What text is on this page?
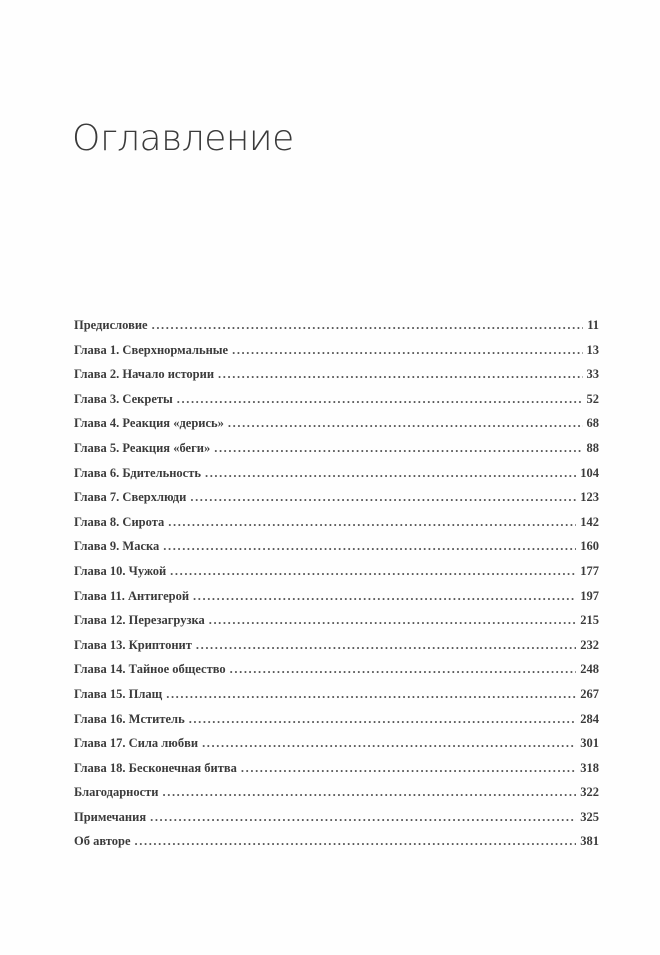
Оглавление
Предисловие .....	11
Глава 1. Сверхнормальные .....	13
Глава 2. Начало истории .....	33
Глава 3. Секреты .....	52
Глава 4. Реакция «дерись» .....	68
Глава 5. Реакция «беги» .....	88
Глава 6. Бдительность .....	104
Глава 7. Сверхлюди .....	123
Глава 8. Сирота .....	142
Глава 9. Маска .....	160
Глава 10. Чужой .....	177
Глава 11. Антигерой .....	197
Глава 12. Перезагрузка .....	215
Глава 13. Криптонит .....	232
Глава 14. Тайное общество .....	248
Глава 15. Плащ .....	267
Глава 16. Мститель .....	284
Глава 17. Сила любви .....	301
Глава 18. Бесконечная битва .....	318
Благодарности .....	322
Примечания .....	325
Об авторе .....	381
